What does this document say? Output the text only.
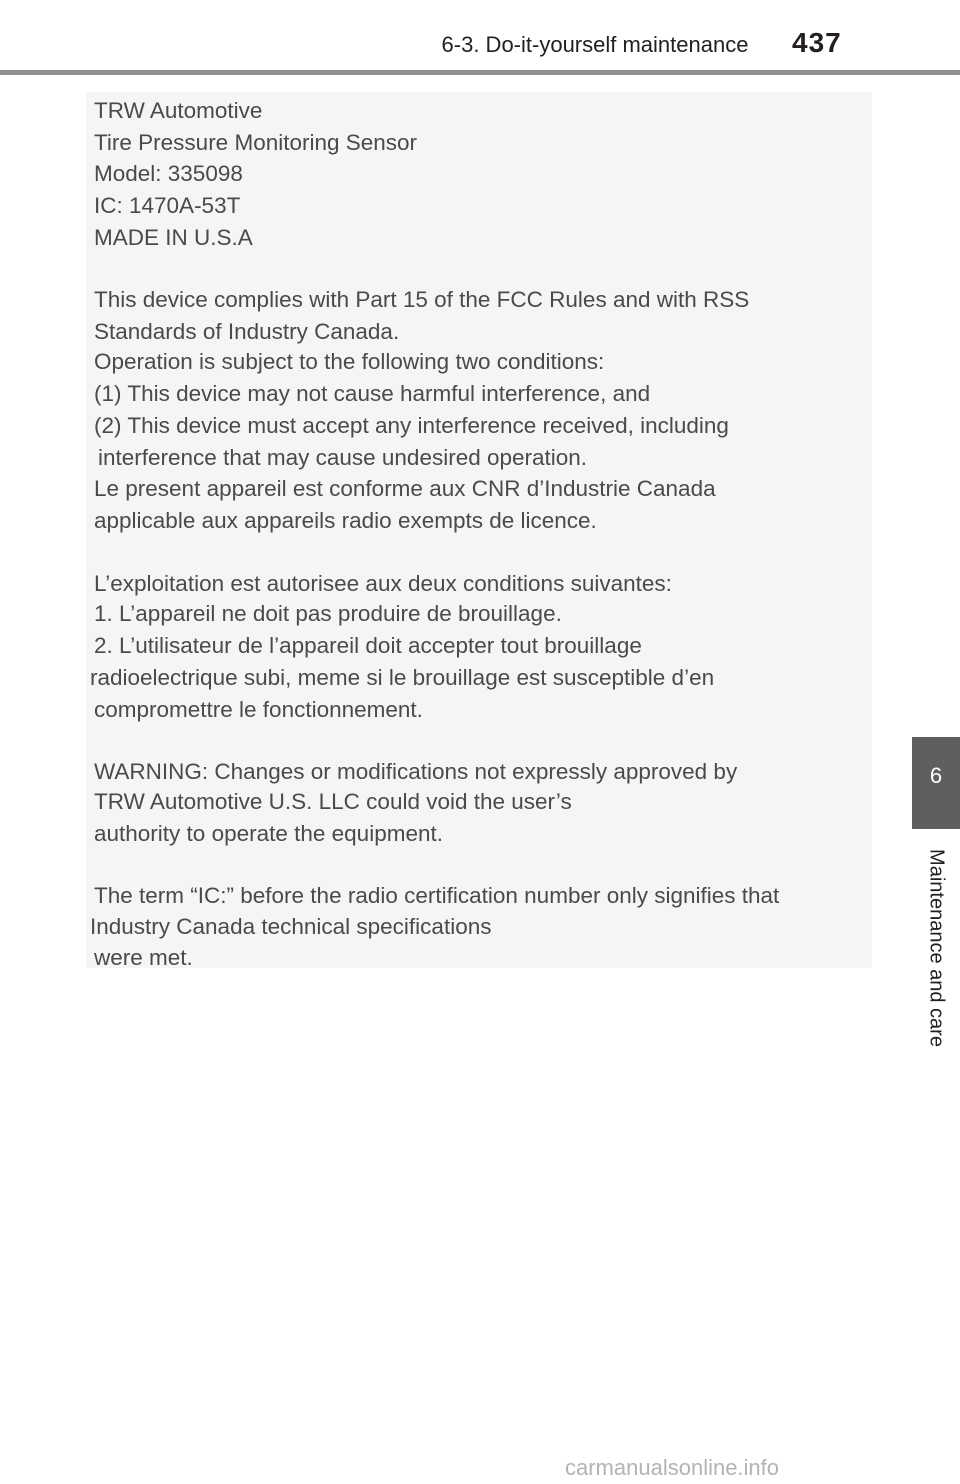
6-3. Do-it-yourself maintenance	437
TRW Automotive
Tire Pressure Monitoring Sensor
Model: 335098
IC: 1470A-53T
MADE IN U.S.A
This device complies with Part 15 of the FCC Rules and with RSS
Standards of Industry Canada.
Operation is subject to the following two conditions:
(1) This device may not cause harmful interference, and
(2) This device must accept any interference received, including
interference that may cause undesired operation.
Le present appareil est conforme aux CNR d’Industrie Canada
applicable aux appareils radio exempts de licence.
L’exploitation est autorisee aux deux conditions suivantes:
1. L’appareil ne doit pas produire de brouillage.
2. L’utilisateur de l’appareil doit accepter tout brouillage
radioelectrique subi, meme si le brouillage est susceptible d’en
compromettre le fonctionnement.
WARNING: Changes or modifications not expressly approved by
TRW Automotive U.S. LLC could void the user’s
authority to operate the equipment.
The term “IC:” before the radio certification number only signifies that
Industry Canada technical specifications
were met.
6
Maintenance and care
carmanualsonline.info
